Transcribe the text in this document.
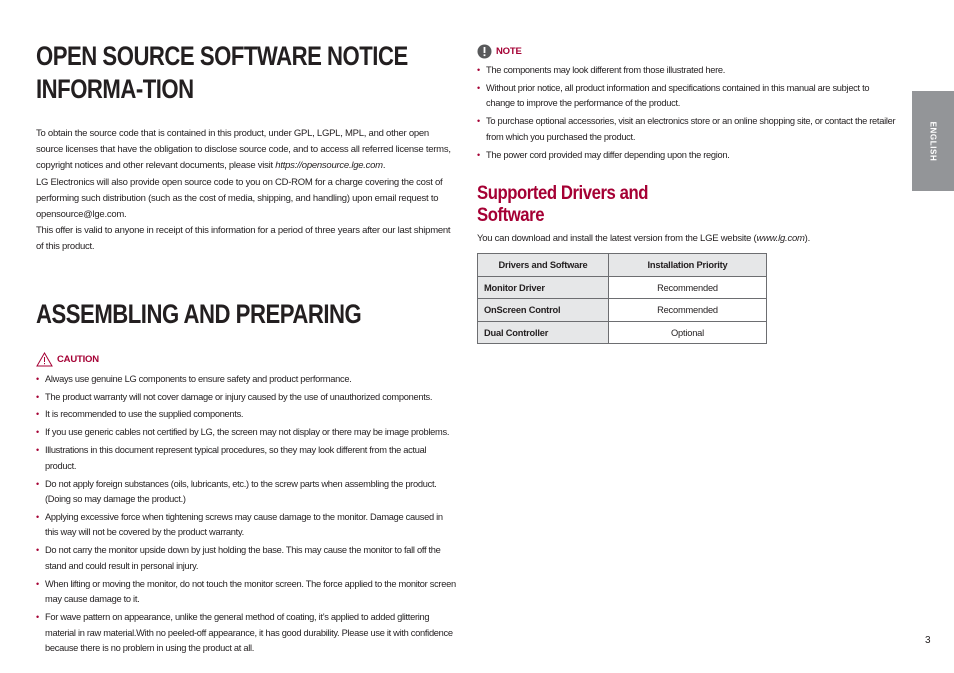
OPEN SOURCE SOFTWARE NOTICE INFORMA-TION

To obtain the source code that is contained in this product, under GPL, LGPL, MPL, and other open source licenses that have the obligation to disclose source code, and to access all referred license terms, copyright notices and other relevant documents, please visit https://opensource.lge.com.

LG Electronics will also provide open source code to you on CD-ROM for a charge covering the cost of performing such distribution (such as the cost of media, shipping, and handling) upon email request to opensource@lge.com.

This offer is valid to anyone in receipt of this information for a period of three years after our last shipment of this product.

ASSEMBLING AND PREPARING
CAUTION
• Always use genuine LG components to ensure safety and product performance.
• The product warranty will not cover damage or injury caused by the use of unauthorized components.
• It is recommended to use the supplied components.
• If you use generic cables not certified by LG, the screen may not display or there may be image problems.
• Illustrations in this document represent typical procedures, so they may look different from the actual product.
• Do not apply foreign substances (oils, lubricants, etc.) to the screw parts when assembling the product. (Doing so may damage the product.)
• Applying excessive force when tightening screws may cause damage to the monitor. Damage caused in this way will not be covered by the product warranty.
• Do not carry the monitor upside down by just holding the base. This may cause the monitor to fall off the stand and could result in personal injury.
• When lifting or moving the monitor, do not touch the monitor screen. The force applied to the monitor screen may cause damage to it.
• For wave pattern on appearance, unlike the general method of coating, it’s applied to added glittering material in raw material.With no peeled-off appearance, it has good durability. Please use it with confidence because there is no problem in using the product at all.
NOTE
• The components may look different from those illustrated here.
• Without prior notice, all product information and specifications contained in this manual are subject to change to improve the performance of the product.
• To purchase optional accessories, visit an electronics store or an online shopping site, or contact the retailer from which you purchased the product.
• The power cord provided may differ depending upon the region.
Supported Drivers and Software

You can download and install the latest version from the LGE website (www.lg.com).

Drivers and Software	Installation Priority
Monitor Driver	Recommended
OnScreen Control	Recommended
Dual Controller	Optional
ENGLISH
3
